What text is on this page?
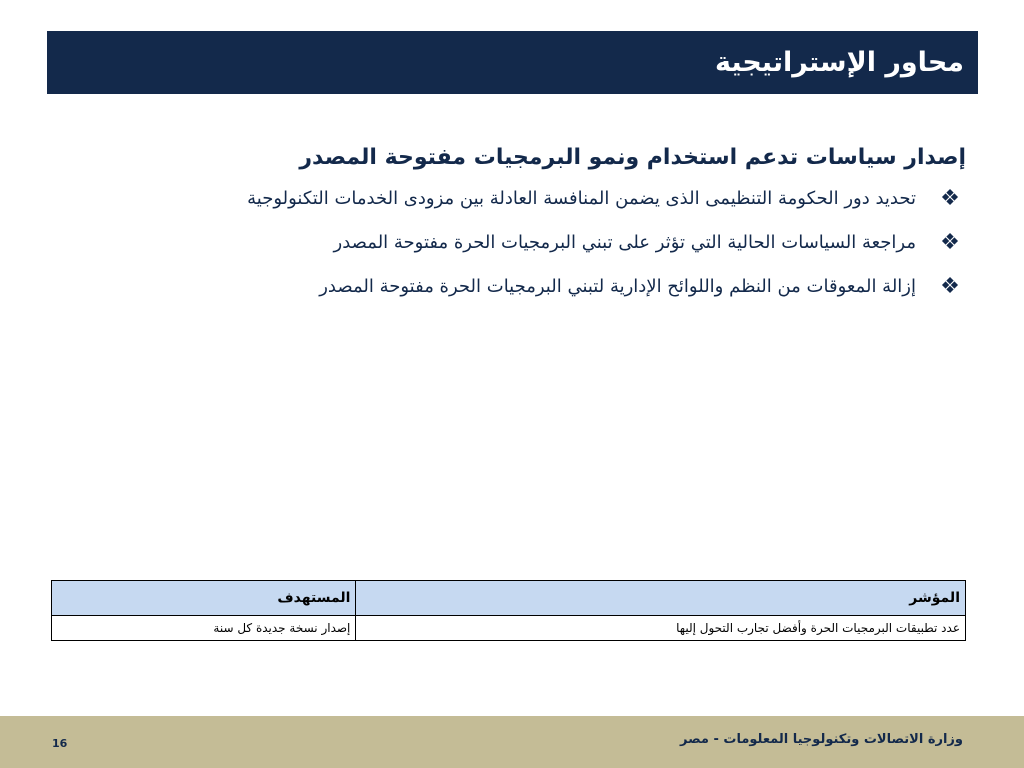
محاور الإستراتيجية
إصدار سياسات تدعم استخدام ونمو البرمجيات مفتوحة المصدر
❖
تحديد دور الحكومة التنظيمى الذى يضمن المنافسة العادلة بين مزودى الخدمات التكنولوجية
❖
مراجعة السياسات الحالية التي تؤثر على تبني البرمجيات الحرة مفتوحة المصدر
❖
إزالة المعوقات من النظم واللوائح الإدارية لتبني البرمجيات الحرة مفتوحة المصدر
المؤشر	المستهدف
عدد تطبيقات البرمجيات الحرة وأفضل تجارب التحول إليها	إصدار نسخة جديدة كل سنة
وزارة الاتصالات وتكنولوجيا المعلومات - مصر
16
